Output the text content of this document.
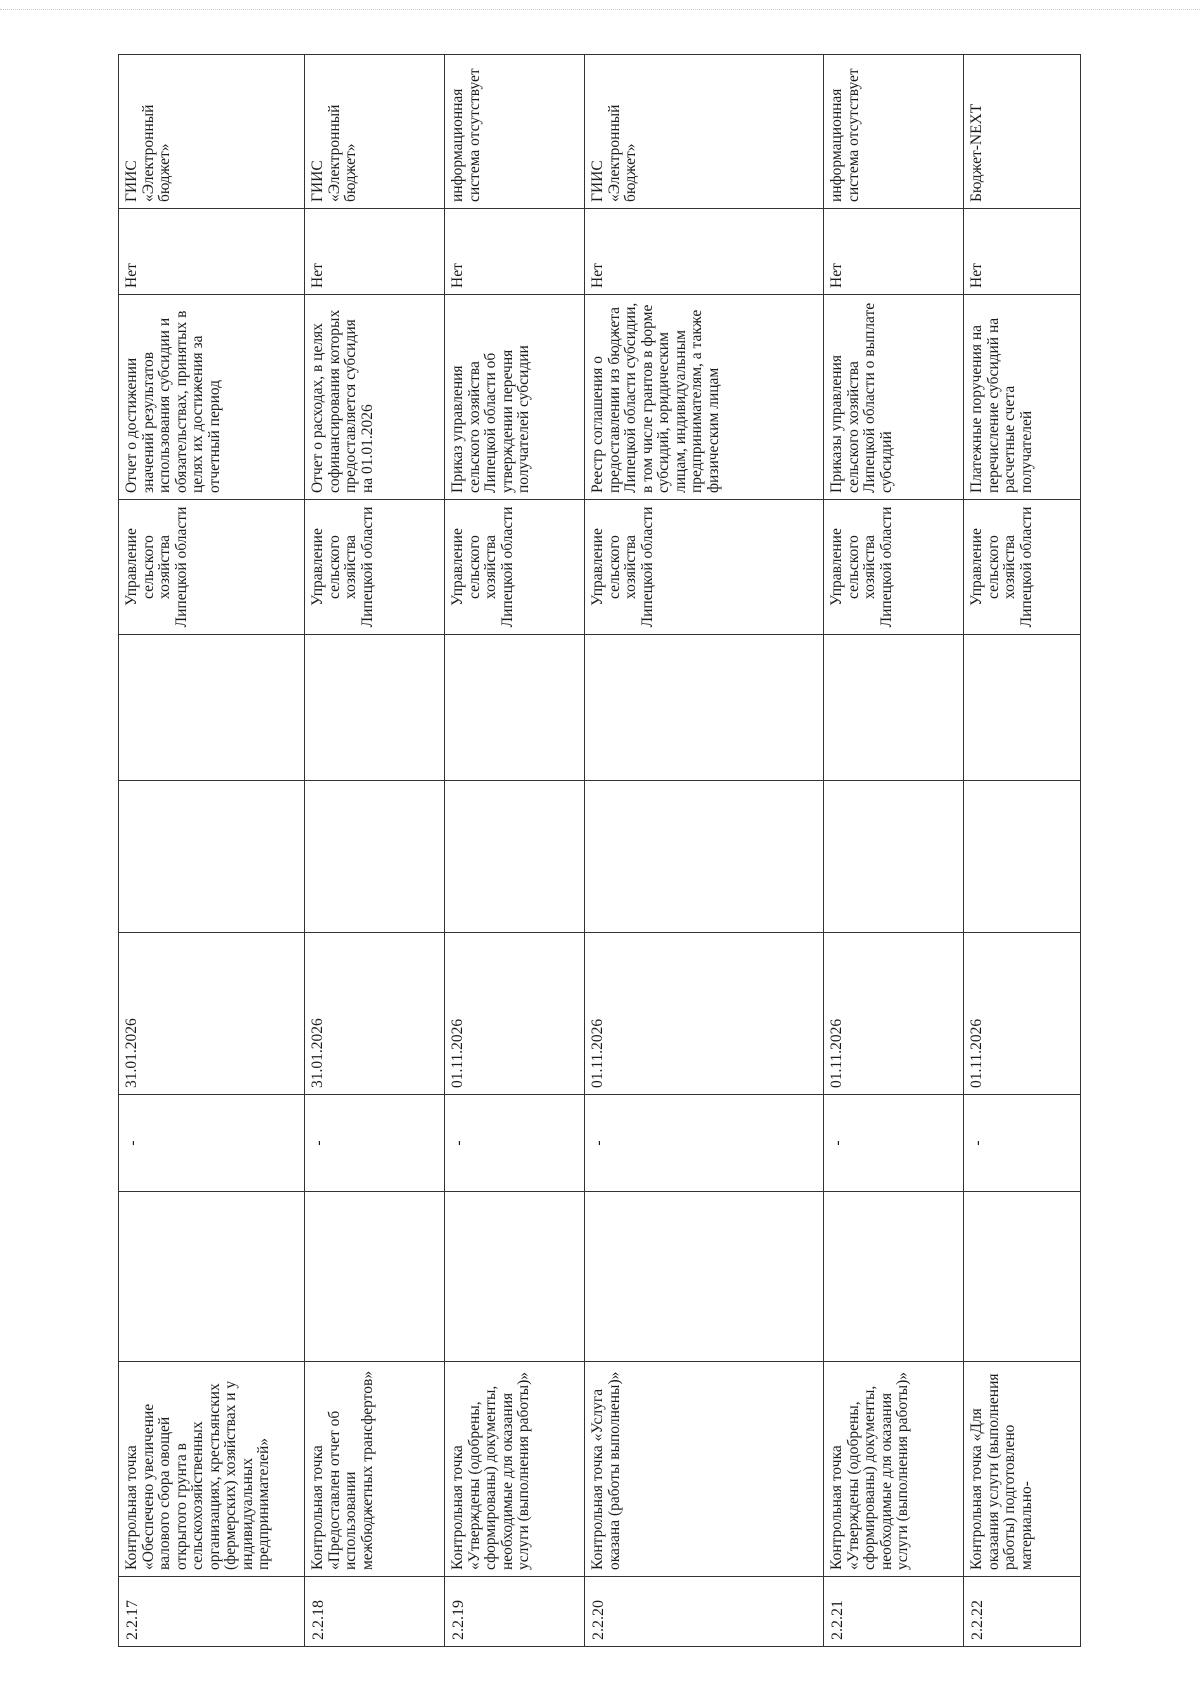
2.2.17	Контрольная точка «Обеспечено увеличение валового сбора овощей открытого грунта в сельскохозяйственных организациях, крестьянских (фермерских) хозяйствах и у индивидуальных предпринимателей»		-	31.01.2026			Управление сельского хозяйства Липецкой области	Отчет о достижении значений результатов использования субсидии и обязательствах, принятых в целях их достижения за отчетный период	Нет	ГИИС «Электронный бюджет»
2.2.18	Контрольная точка «Предоставлен отчет об использовании межбюджетных трансфертов»		-	31.01.2026			Управление сельского хозяйства Липецкой области	Отчет о расходах, в целях софинансирования которых предоставляется субсидия на 01.01.2026	Нет	ГИИС «Электронный бюджет»
2.2.19	Контрольная точка «Утверждены (одобрены, сформированы) документы, необходимые для оказания услуги (выполнения работы)»		-	01.11.2026			Управление сельского хозяйства Липецкой области	Приказ управления сельского хозяйства Липецкой области об утверждении перечня получателей субсидии	Нет	информационная система отсутствует
2.2.20	Контрольная точка «Услуга оказана (работы выполнены)»		-	01.11.2026			Управление сельского хозяйства Липецкой области	Реестр соглашения о предоставлении из бюджета Липецкой области субсидии, в том числе грантов в форме субсидий, юридическим лицам, индивидуальным предпринимателям, а также физическим лицам	Нет	ГИИС «Электронный бюджет»
2.2.21	Контрольная точка «Утверждены (одобрены, сформированы) документы, необходимые для оказания услуги (выполнения работы)»		-	01.11.2026			Управление сельского хозяйства Липецкой области	Приказы управления сельского хозяйства Липецкой области о выплате субсидий	Нет	информационная система отсутствует
2.2.22	Контрольная точка «Для оказания услуги (выполнения работы) подготовлено материально-		-	01.11.2026			Управление сельского хозяйства Липецкой области	Платежные поручения на перечисление субсидий на расчетные счета получателей	Нет	Бюджет-NEXT
